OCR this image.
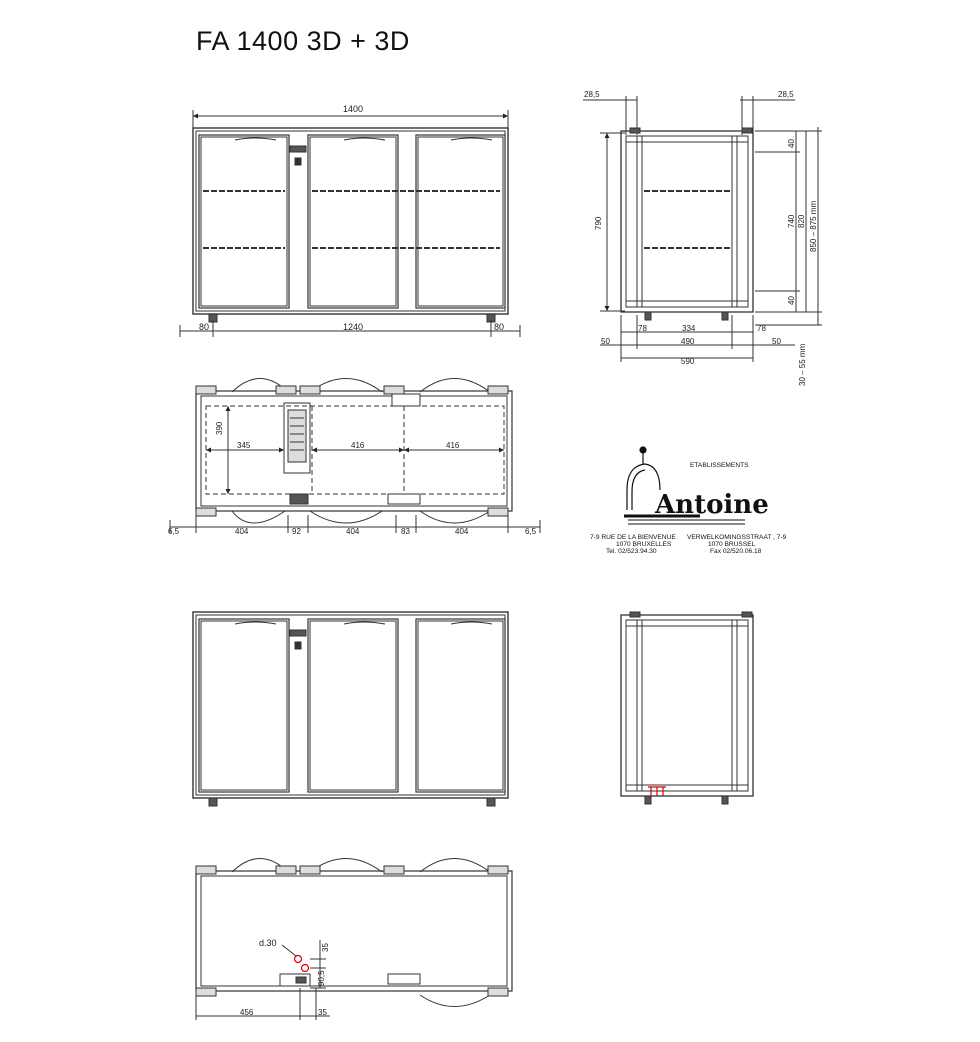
FA 1400 3D + 3D
1400
80	1240	80
28,5	28,5
790
40
740 820 850 – 875 mm
40
78	334	78
50	490	50
590	30 – 55 mm
390
345	416	416
6,5	404	92	404	83	404	6,5
ETABLISSEMENTS
Antoine
7-9 RUE DE LA BIENVENUE
1070 BRUXELLES
Tel. 02/523.94.30
VERWELKOMINGSSTRAAT , 7-9
1070 BRUSSEL
Fax 02/520.06.18
d.30	35
90,5
456	35
